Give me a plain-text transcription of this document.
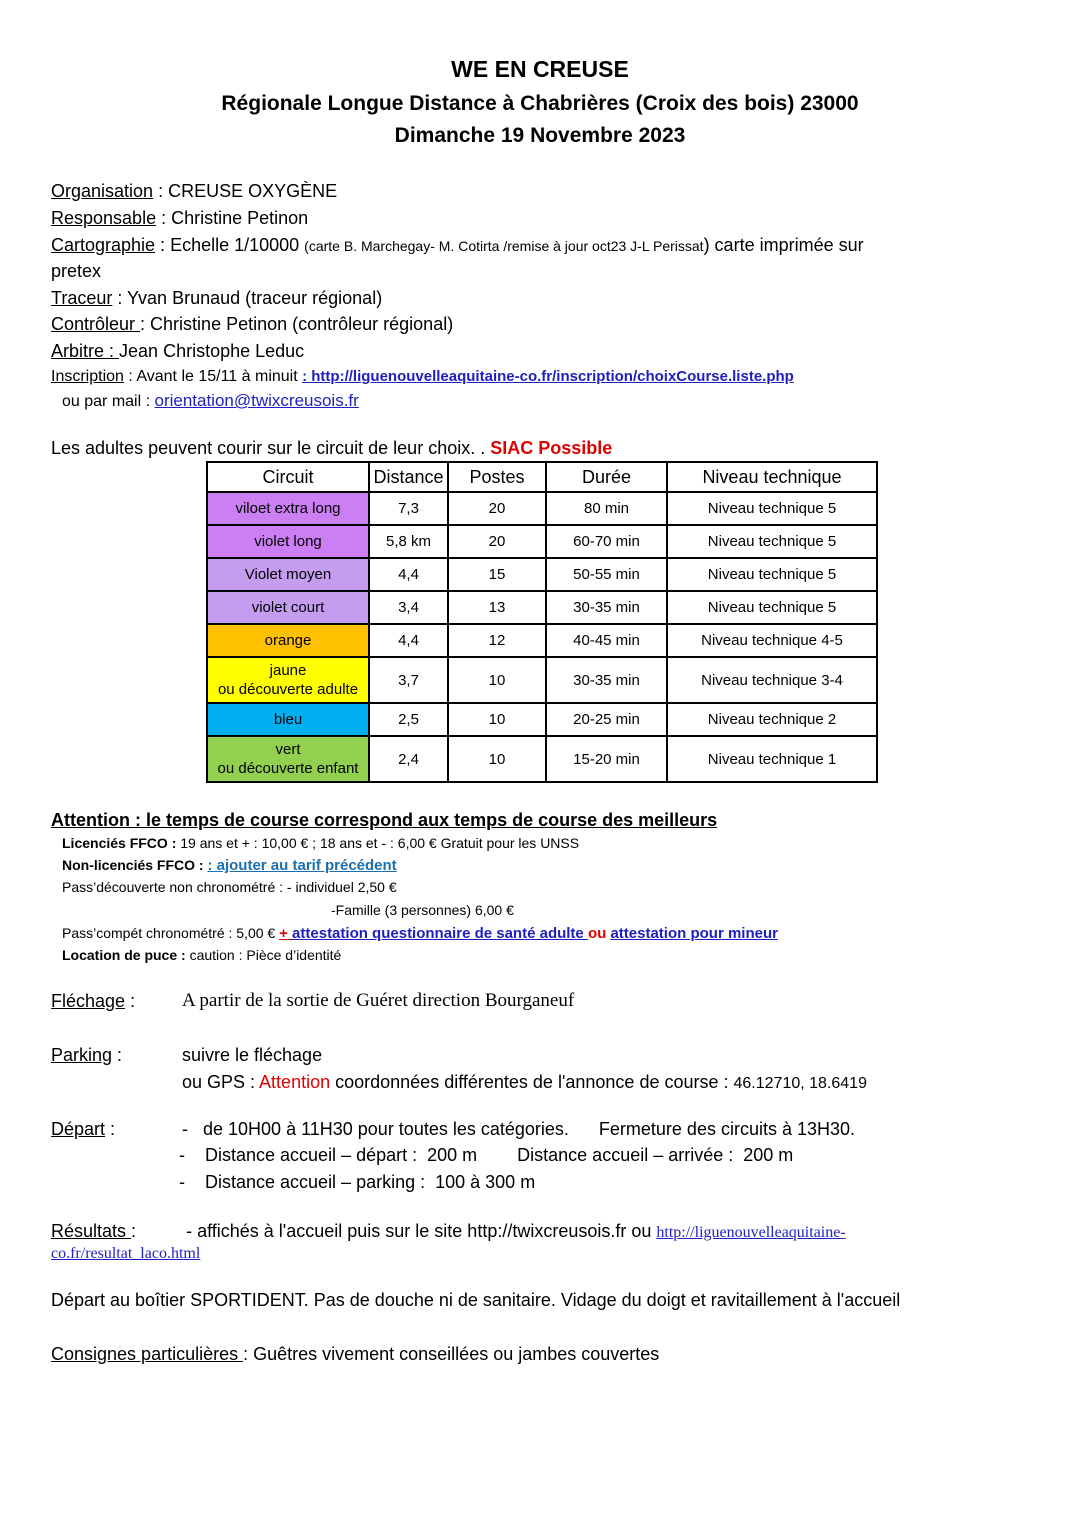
WE EN CREUSE
Régionale Longue Distance à Chabrières (Croix des bois) 23000
Dimanche 19 Novembre 2023
Organisation : CREUSE OXYGÈNE
Responsable : Christine Petinon
Cartographie : Echelle 1/10000 (carte B. Marchegay- M. Cotirta /remise à jour oct23 J-L Perissat) carte imprimée sur
pretex
Traceur : Yvan Brunaud (traceur régional)
Contrôleur : Christine Petinon (contrôleur régional)
Arbitre : Jean Christophe Leduc
Inscription : Avant le 15/11 à minuit : http://liguenouvelleaquitaine-co.fr/inscription/choixCourse.liste.php
ou par mail : orientation@twixcreusois.fr
Les adultes peuvent courir sur le circuit de leur choix. . SIAC Possible
Circuit	Distance	Postes	Durée	Niveau technique
viloet extra long	7,3	20	80 min	Niveau technique 5
violet long	5,8 km	20	60-70 min	Niveau technique 5
Violet moyen	4,4	15	50-55 min	Niveau technique 5
violet court	3,4	13	30-35 min	Niveau technique 5
orange	4,4	12	40-45 min	Niveau technique 4-5

jaune
ou découverte adulte	3,7	10	30-35 min	Niveau technique 3-4
bleu	2,5	10	20-25 min	Niveau technique 2

vert
ou découverte enfant	2,4	10	15-20 min	Niveau technique 1
Attention : le temps de course correspond aux temps de course des meilleurs
Licenciés FFCO : 19 ans et + : 10,00 € ; 18 ans et - : 6,00 € Gratuit pour les UNSS
Non-licenciés FFCO : : ajouter au tarif précédent
Pass’découverte non chronométré : - individuel 2,50 €
-Famille (3 personnes) 6,00 €
Pass’compét chronométré : 5,00 € + attestation questionnaire de santé adulte ou attestation pour mineur
Location de puce : caution : Pièce d’identité
Fléchage : A partir de la sortie de Guéret direction Bourganeuf
Parking :	suivre le fléchage
ou GPS : Attention coordonnées différentes de l'annonce de course : 46.12710, 18.6419
Départ :	-   de 10H00 à 11H30 pour toutes les catégories.      Fermeture des circuits à 13H30.
-    Distance accueil – départ :  200 m        Distance accueil – arrivée :  200 m
-    Distance accueil – parking :  100 à 300 m
Résultats :	- affichés à l'accueil puis sur le site http://twixcreusois.fr ou http://liguenouvelleaquitaine-
co.fr/resultat_laco.html
Départ au boîtier SPORTIDENT. Pas de douche ni de sanitaire. Vidage du doigt et ravitaillement à l'accueil
Consignes particulières : Guêtres vivement conseillées ou jambes couvertes
